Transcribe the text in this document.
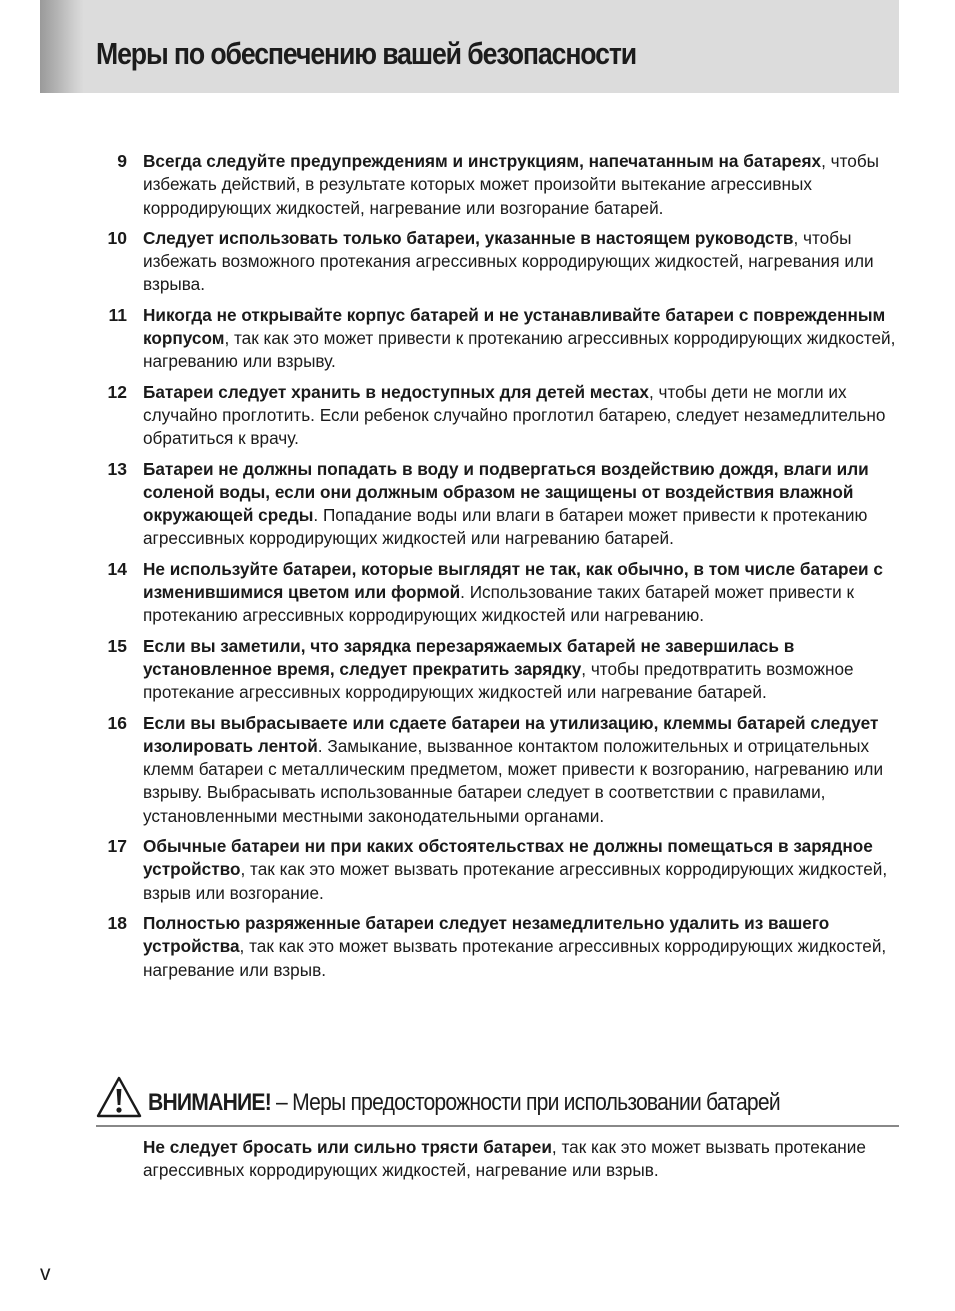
Меры по обеспечению вашей безопасности
9 Всегда следуйте предупреждениям и инструкциям, напечатанным на батареях, чтобы избежать действий, в результате которых может произойти вытекание агрессивных корродирующих жидкостей, нагревание или возгорание батарей.
10 Следует использовать только батареи, указанные в настоящем руководств, чтобы избежать возможного протекания агрессивных корродирующих жидкостей, нагревания или взрыва.
11 Никогда не открывайте корпус батарей и не устанавливайте батареи с поврежденным корпусом, так как это может привести к протеканию агрессивных корродирующих жидкостей, нагреванию или взрыву.
12 Батареи следует хранить в недоступных для детей местах, чтобы дети не могли их случайно проглотить. Если ребенок случайно проглотил батарею, следует незамедлительно обратиться к врачу.
13 Батареи не должны попадать в воду и подвергаться воздействию дождя, влаги или соленой воды, если они должным образом не защищены от воздействия влажной окружающей среды. Попадание воды или влаги в батареи может привести к протеканию агрессивных корродирующих жидкостей или нагреванию батарей.
14 Не используйте батареи, которые выглядят не так, как обычно, в том числе батареи с изменившимися цветом или формой. Использование таких батарей может привести к протеканию агрессивных корродирующих жидкостей или нагреванию.
15 Если вы заметили, что зарядка перезаряжаемых батарей не завершилась в установленное время, следует прекратить зарядку, чтобы предотвратить возможное протекание агрессивных корродирующих жидкостей или нагревание батарей.
16 Если вы выбрасываете или сдаете батареи на утилизацию, клеммы батарей следует изолировать лентой. Замыкание, вызванное контактом положительных и отрицательных клемм батареи с металлическим предметом, может привести к возгоранию, нагреванию или взрыву. Выбрасывать использованные батареи следует в соответствии с правилами, установленными местными законодательными органами.
17 Обычные батареи ни при каких обстоятельствах не должны помещаться в зарядное устройство, так как это может вызвать протекание агрессивных корродирующих жидкостей, взрыв или возгорание.
18 Полностью разряженные батареи следует незамедлительно удалить из вашего устройства, так как это может вызвать протекание агрессивных корродирующих жидкостей, нагревание или взрыв.
ВНИМАНИЕ! – Меры предосторожности при использовании батарей
Не следует бросать или сильно трясти батареи, так как это может вызвать протекание агрессивных корродирующих жидкостей, нагревание или взрыв.
v
